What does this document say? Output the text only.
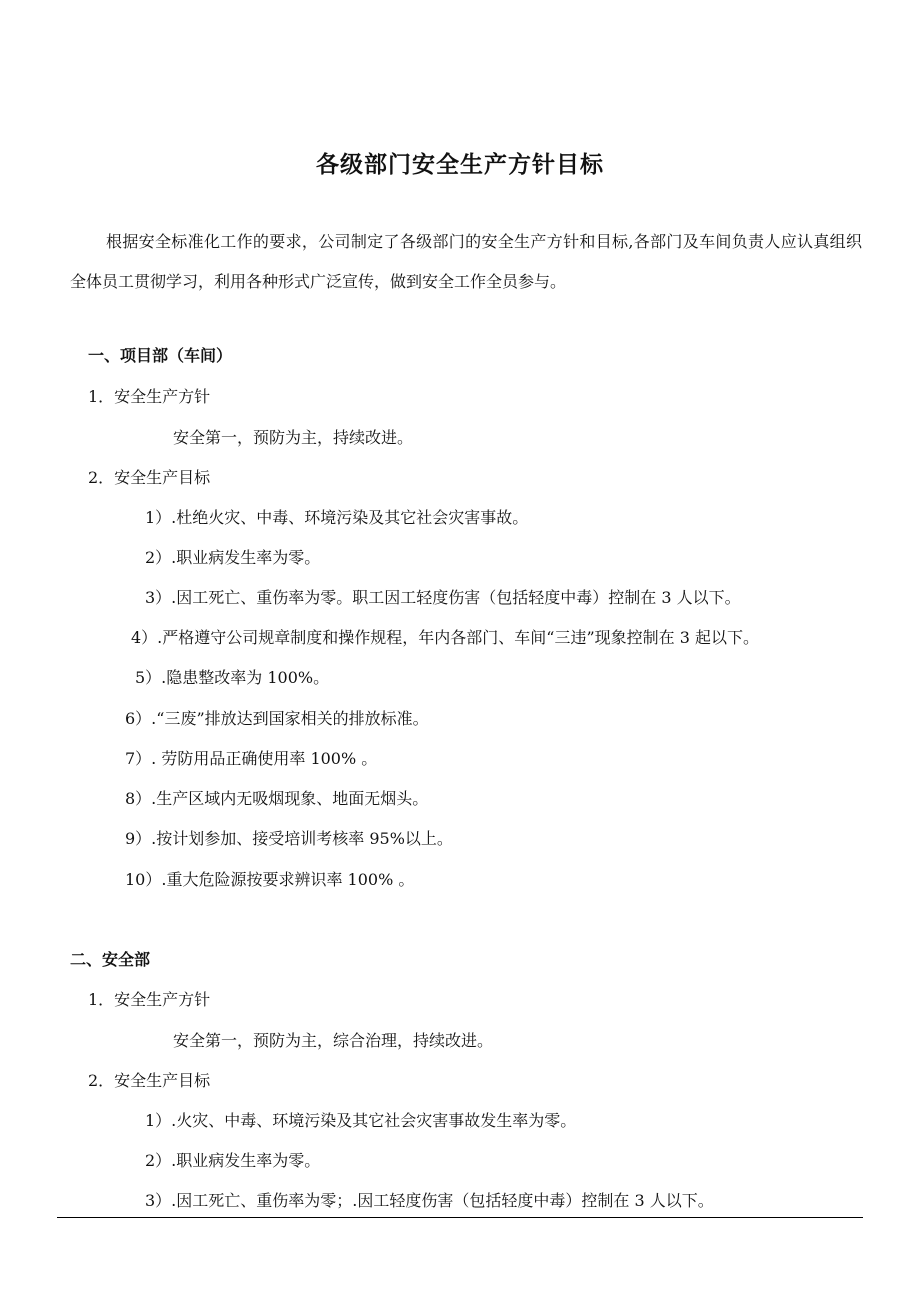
各级部门安全生产方针目标

根据安全标准化工作的要求，公司制定了各级部门的安全生产方针和目标,各部门及车间负责人应认真组织全体员工贯彻学习，利用各种形式广泛宣传，做到安全工作全员参与。

一、项目部（车间）
1．安全生产方针
安全第一，预防为主，持续改进。
2．安全生产目标
1）.杜绝火灾、中毒、环境污染及其它社会灾害事故。
2）.职业病发生率为零。
3）.因工死亡、重伤率为零。职工因工轻度伤害（包括轻度中毒）控制在 3 人以下。
4）.严格遵守公司规章制度和操作规程，年内各部门、车间“三违”现象控制在 3 起以下。
5）.隐患整改率为 100%。
6）.“三废”排放达到国家相关的排放标准。
7）. 劳防用品正确使用率 100% 。
8）.生产区域内无吸烟现象、地面无烟头。
9）.按计划参加、接受培训考核率 95%以上。
10）.重大危险源按要求辨识率 100% 。
二、安全部
1．安全生产方针
安全第一，预防为主，综合治理，持续改进。
2．安全生产目标
1）.火灾、中毒、环境污染及其它社会灾害事故发生率为零。
2）.职业病发生率为零。
3）.因工死亡、重伤率为零；.因工轻度伤害（包括轻度中毒）控制在 3 人以下。
